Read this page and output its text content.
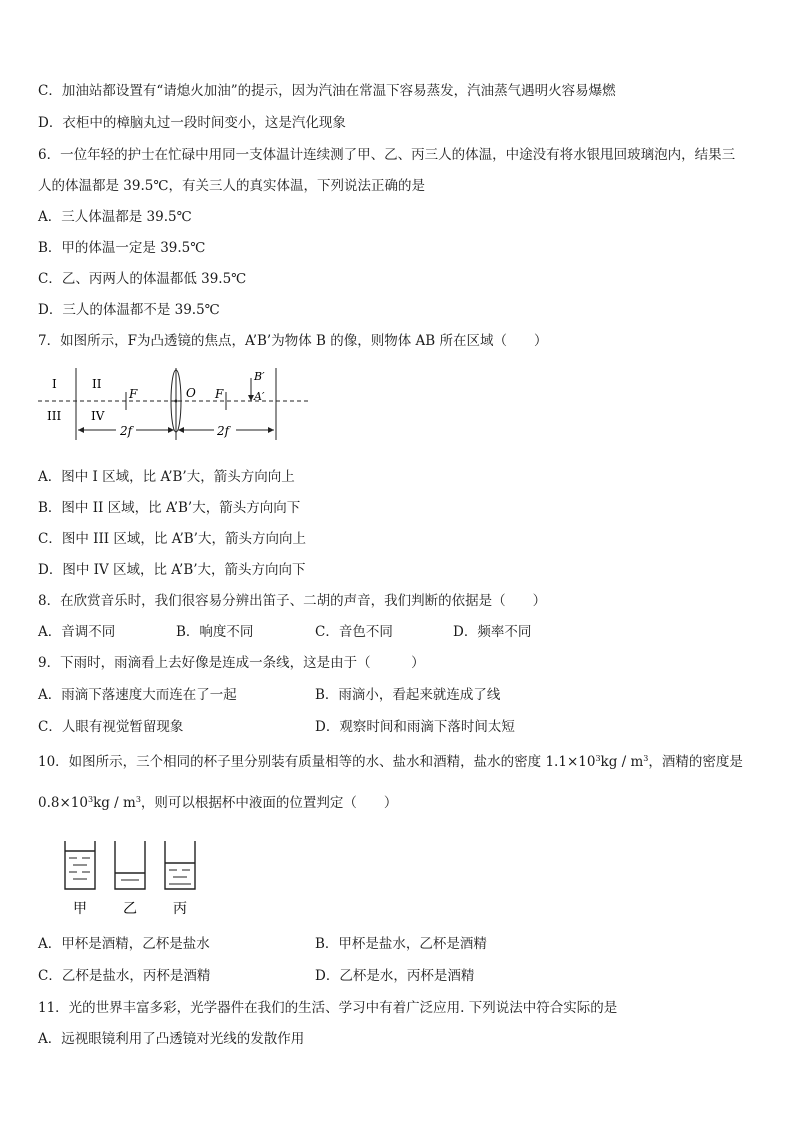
C．加油站都设置有“请熄火加油”的提示，因为汽油在常温下容易蒸发，汽油蒸气遇明火容易爆燃
D．衣柜中的樟脑丸过一段时间变小，这是汽化现象
6．一位年轻的护士在忙碌中用同一支体温计连续测了甲、乙、丙三人的体温，中途没有将水银甩回玻璃泡内，结果三
人的体温都是 39.5℃，有关三人的真实体温，下列说法正确的是
A．三人体温都是 39.5℃
B．甲的体温一定是 39.5℃
C．乙、丙两人的体温都低 39.5℃
D．三人的体温都不是 39.5℃
7．如图所示，F为凸透镜的焦点，A’B’为物体 B 的像，则物体 AB 所在区域（　　）
I	II
III IV
F	O F
B′
A′
2f	2f
A．图中 I 区域，比 A’B’大，箭头方向向上
B．图中 II 区域，比 A’B’大，箭头方向向下
C．图中 III 区域，比 A’B’大，箭头方向向上
D．图中 IV 区域，比 A’B’大，箭头方向向下
8．在欣赏音乐时，我们很容易分辨出笛子、二胡的声音，我们判断的依据是（　　）
A．音调不同	B．响度不同	C．音色不同	D．频率不同
9．下雨时，雨滴看上去好像是连成一条线，这是由于（　　　）
A．雨滴下落速度大而连在了一起	B．雨滴小，看起来就连成了线
C．人眼有视觉暂留现象	D．观察时间和雨滴下落时间太短
10．如图所示，三个相同的杯子里分别装有质量相等的水、盐水和酒精，盐水的密度 $1.1\times 10^3kg / m^3$，酒精的密度是
$0.8\times 10^3kg / m^3$，则可以根据杯中液面的位置判定（　　）
甲	乙	丙
A．甲杯是酒精，乙杯是盐水	B．甲杯是盐水，乙杯是酒精
C．乙杯是盐水，丙杯是酒精	D．乙杯是水，丙杯是酒精
11．光的世界丰富多彩，光学器件在我们的生活、学习中有着广泛应用. 下列说法中符合实际的是
A．远视眼镜利用了凸透镜对光线的发散作用
